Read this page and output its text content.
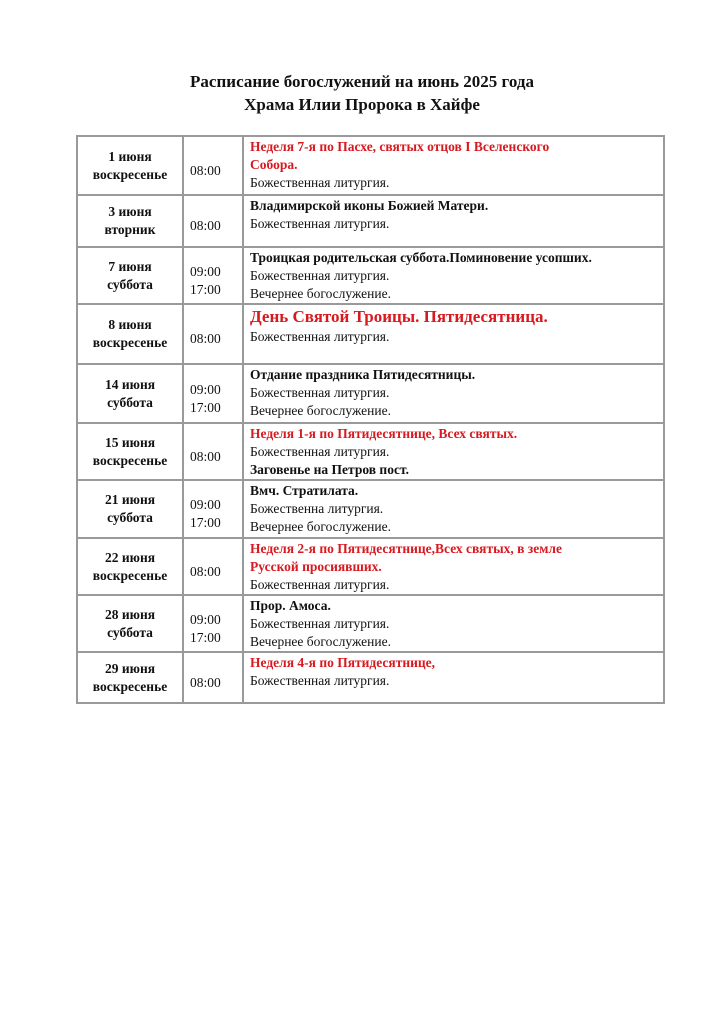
Расписание богослужений на июнь 2025 года
Храма Илии Пророка в Хайфе
1 июня
воскресенье	08:00	Неделя 7-я по Пасхе, святых отцов I Вселенского
Собора.
Божественная литургия.

3 июня
вторник	08:00	Владимирской иконы Божией Матери.
Божественная литургия.

7 июня
суббота	09:00
17:00	Троицкая родительская суббота.Поминовение усопших.
Божественная литургия.
Вечернее богослужение.

8 июня
воскресенье	08:00	День Святой Троицы. Пятидесятница.
Божественная литургия.

14 июня
суббота	09:00
17:00	Отдание праздника Пятидесятницы.
Божественная литургия.
Вечернее богослужение.

15 июня
воскресенье	08:00	Неделя 1-я по Пятидесятнице, Всех святых.
Божественная литургия.
Заговенье на Петров пост.

21 июня
суббота	09:00
17:00	Вмч. Стратилата.
Божественна литургия.
Вечернее богослужение.

22 июня
воскресенье	08:00	Неделя 2-я по Пятидесятнице,Всех святых, в земле
Русской просиявших.
Божественная литургия.

28 июня
суббота	09:00
17:00	Прор. Амоса.
Божественная литургия.
Вечернее богослужение.

29 июня
воскресенье	08:00	Неделя 4-я по Пятидесятнице,
Божественная литургия.
